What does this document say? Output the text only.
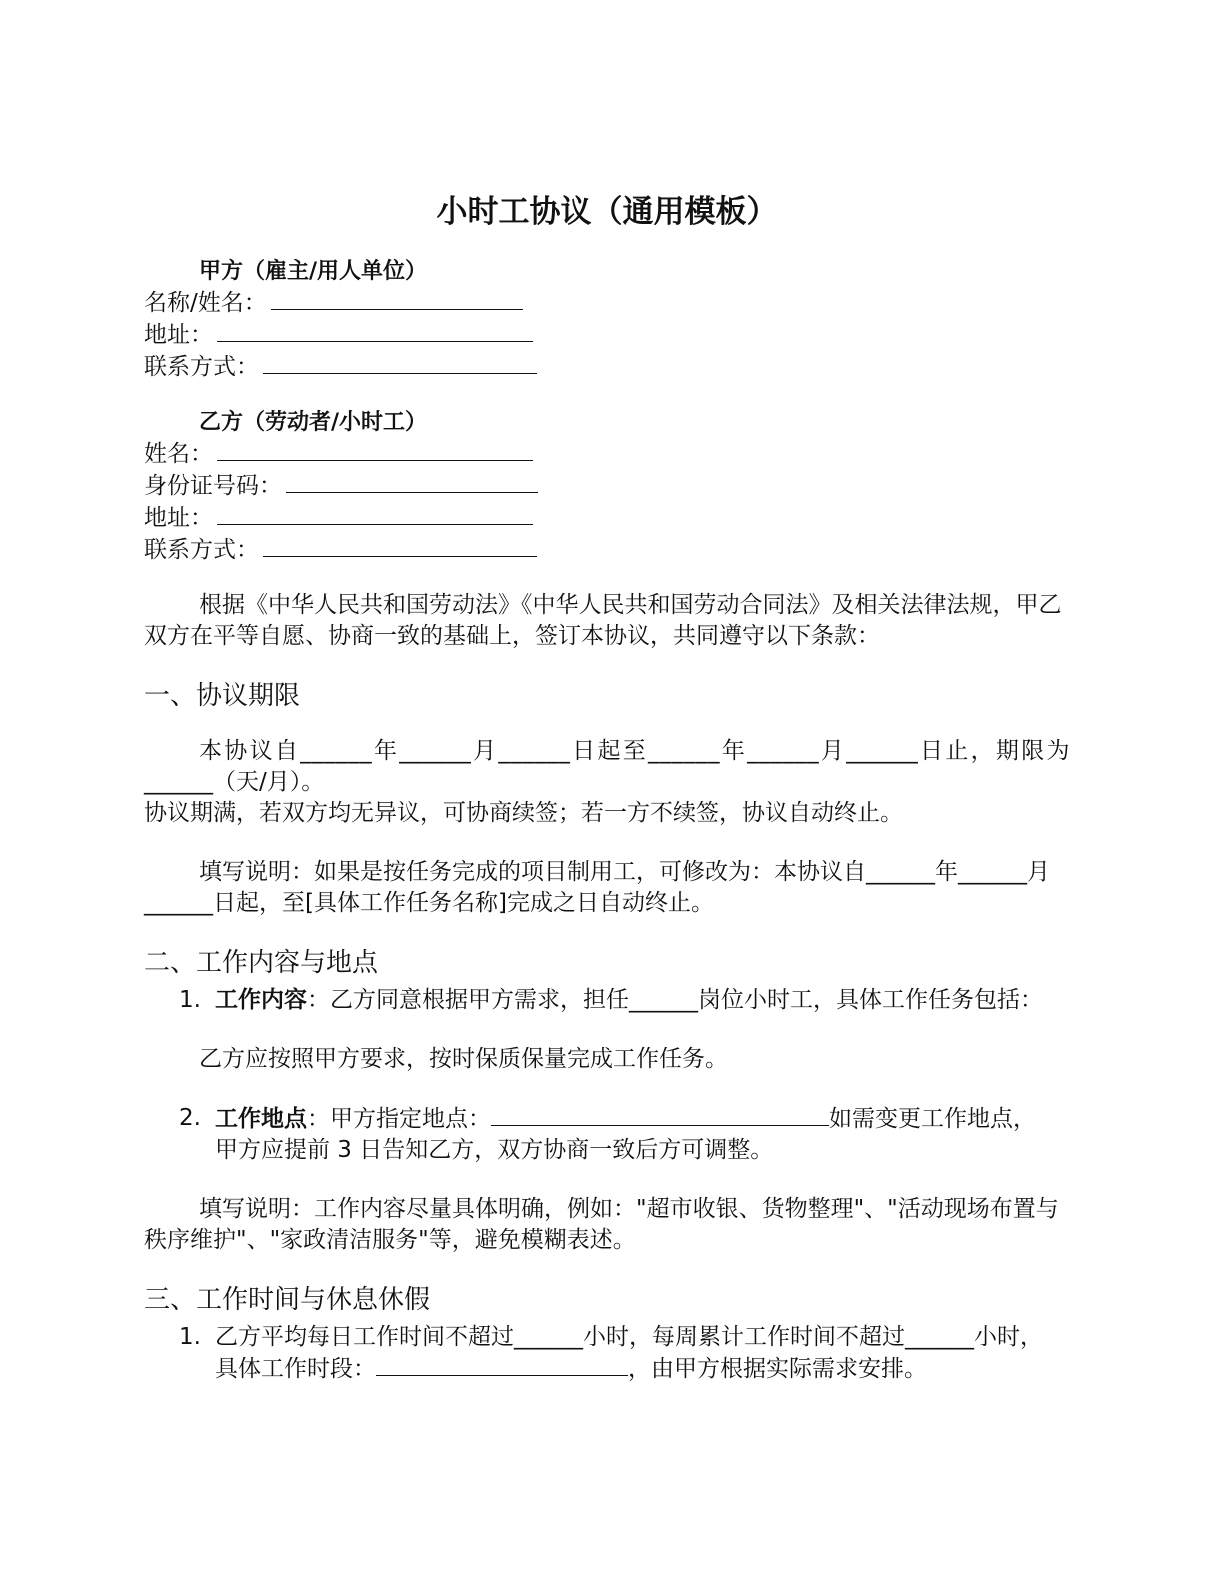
小时工协议（通用模板）

甲方（雇主/用人单位）

名称/姓名：

地址：

联系方式：

乙方（劳动者/小时工）

姓名：

身份证号码：

地址：

联系方式：

根据《中华人民共和国劳动法》《中华人民共和国劳动合同法》及相关法律法规，甲乙双方在平等自愿、协商一致的基础上，签订本协议，共同遵守以下条款：

一、协议期限

本协议自______年______月______日起至______年______月______日止，期限为

______（天/月）。

协议期满，若双方均无异议，可协商续签；若一方不续签，协议自动终止。

填写说明：如果是按任务完成的项目制用工，可修改为：本协议自______年______月______日起，至[具体工作任务名称]完成之日自动终止。

二、工作内容与地点

1. 工作内容：乙方同意根据甲方需求，担任______岗位小时工，具体工作任务包括：

乙方应按照甲方要求，按时保质保量完成工作任务。

2. 工作地点：甲方指定地点：	如需变更工作地点，

甲方应提前 3 日告知乙方，双方协商一致后方可调整。

填写说明：工作内容尽量具体明确，例如："超市收银、货物整理"、"活动现场布置与秩序维护"、"家政清洁服务"等，避免模糊表述。

三、工作时间与休息休假

1. 乙方平均每日工作时间不超过______小时，每周累计工作时间不超过______小时，

具体工作时段：	，由甲方根据实际需求安排。
